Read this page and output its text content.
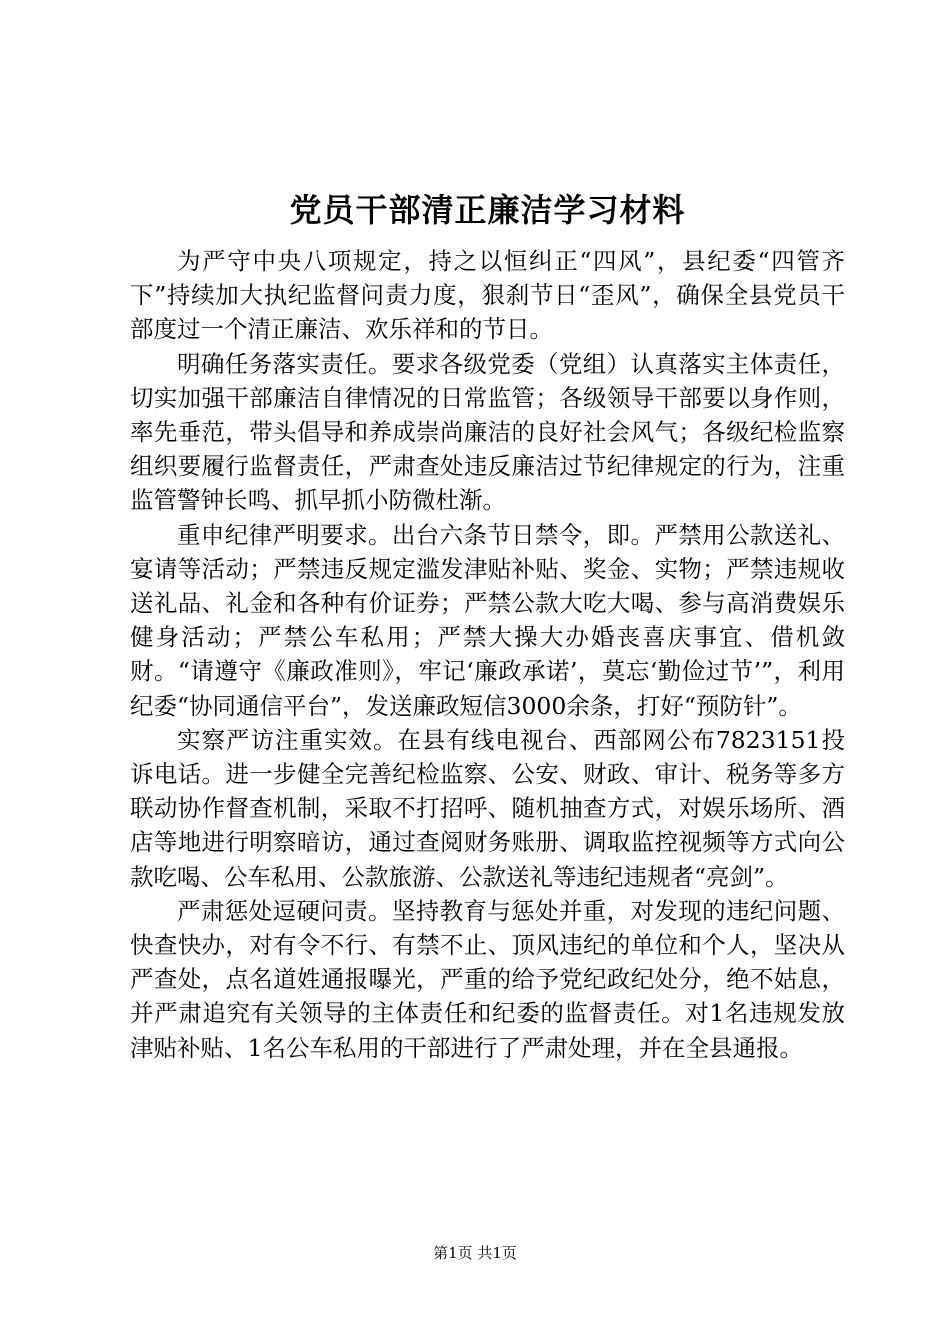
党员干部清正廉洁学习材料

为严守中央八项规定，持之以恒纠正“四风”，县纪委“四管齐下”持续加大执纪监督问责力度，狠刹节日“歪风”，确保全县党员干部度过一个清正廉洁、欢乐祥和的节日。

明确任务落实责任。要求各级党委（党组）认真落实主体责任，切实加强干部廉洁自律情况的日常监管；各级领导干部要以身作则，率先垂范，带头倡导和养成崇尚廉洁的良好社会风气；各级纪检监察组织要履行监督责任，严肃查处违反廉洁过节纪律规定的行为，注重监管警钟长鸣、抓早抓小防微杜渐。

重申纪律严明要求。出台六条节日禁令，即。严禁用公款送礼、宴请等活动；严禁违反规定滥发津贴补贴、奖金、实物；严禁违规收送礼品、礼金和各种有价证券；严禁公款大吃大喝、参与高消费娱乐健身活动；严禁公车私用；严禁大操大办婚丧喜庆事宜、借机敛财。“请遵守《廉政准则》，牢记‘廉政承诺’，莫忘‘勤俭过节’”，利用纪委“协同通信平台”，发送廉政短信3000余条，打好“预防针”。

实察严访注重实效。在县有线电视台、西部网公布7823151投诉电话。进一步健全完善纪检监察、公安、财政、审计、税务等多方联动协作督查机制，采取不打招呼、随机抽查方式，对娱乐场所、酒店等地进行明察暗访，通过查阅财务账册、调取监控视频等方式向公款吃喝、公车私用、公款旅游、公款送礼等违纪违规者“亮剑”。

严肃惩处逗硬问责。坚持教育与惩处并重，对发现的违纪问题、快查快办，对有令不行、有禁不止、顶风违纪的单位和个人，坚决从严查处，点名道姓通报曝光，严重的给予党纪政纪处分，绝不姑息，并严肃追究有关领导的主体责任和纪委的监督责任。对1名违规发放津贴补贴、1名公车私用的干部进行了严肃处理，并在全县通报。

第1页 共1页
